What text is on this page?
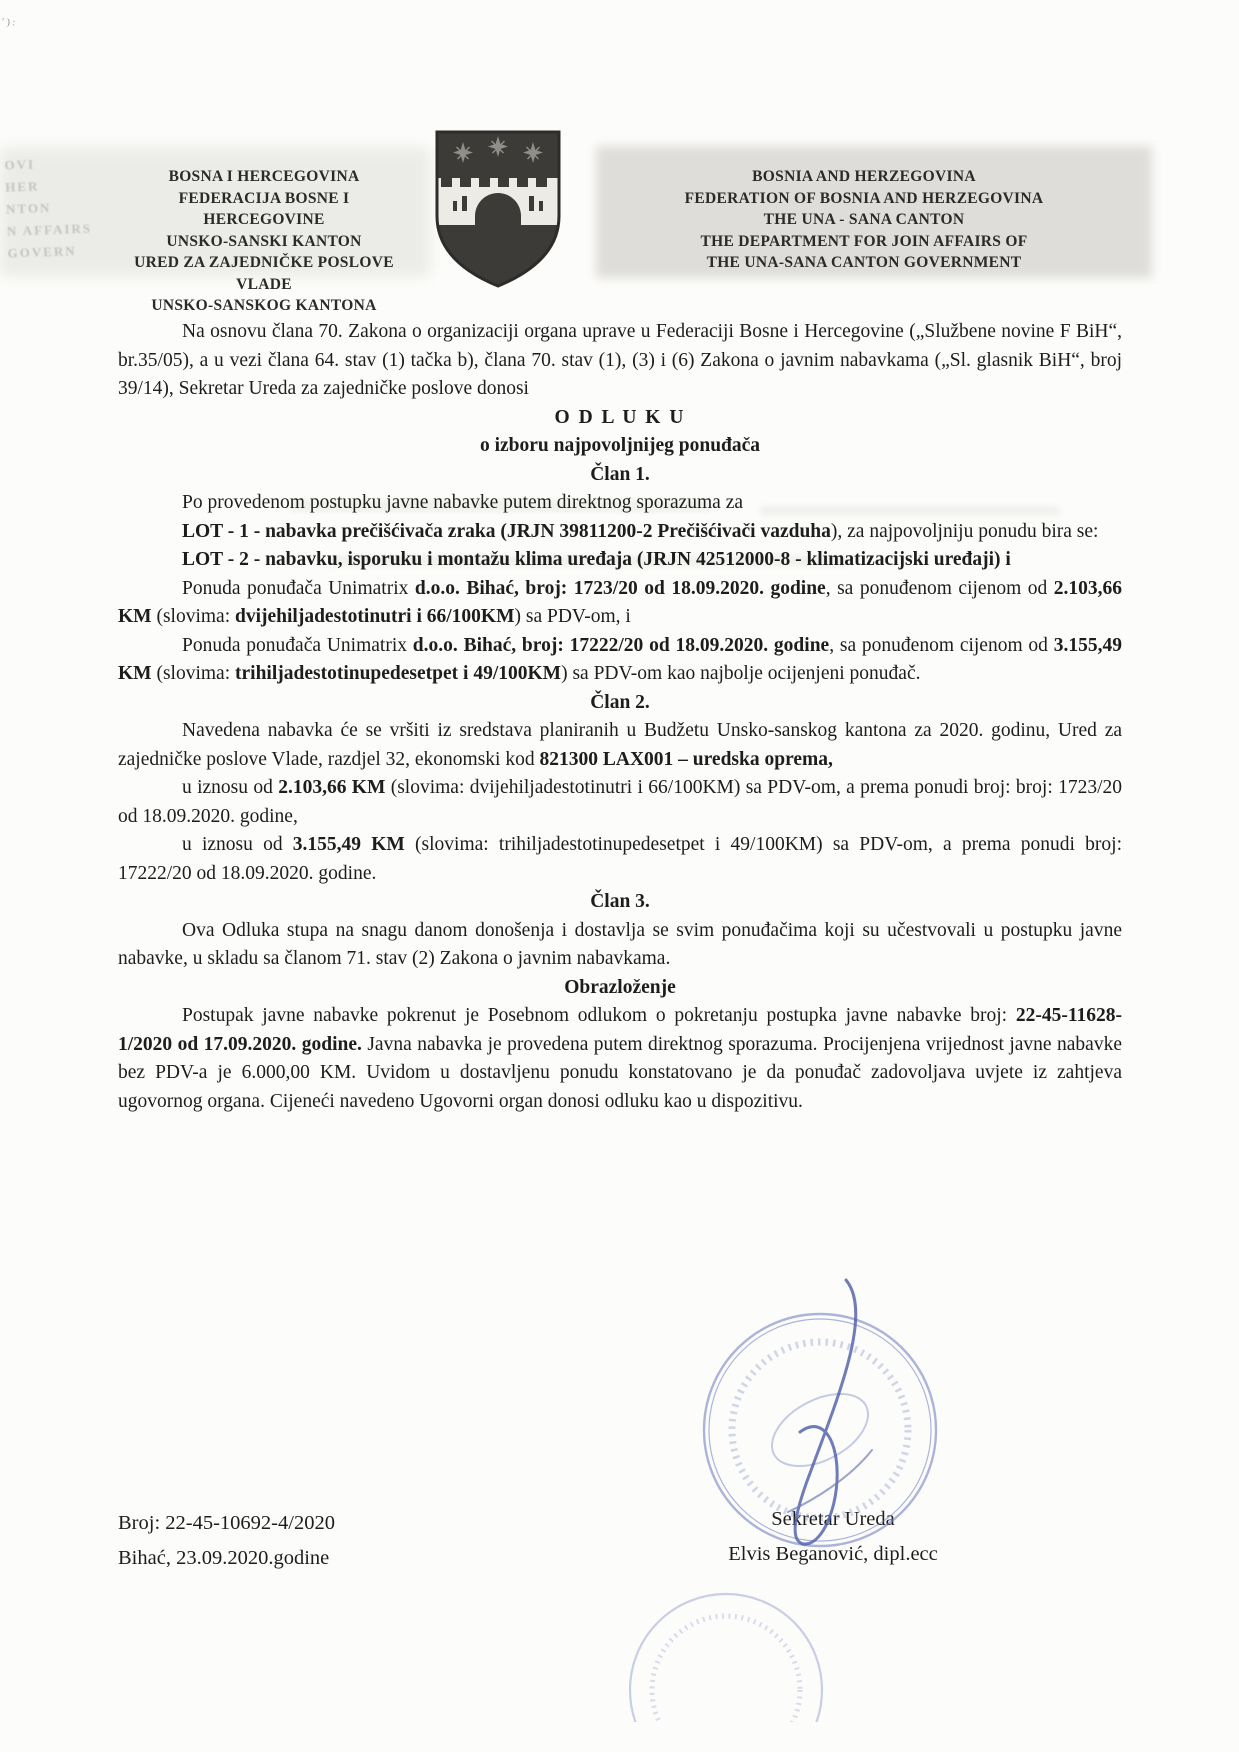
′ ) :
OVI
HER
NTON
N AFFAIRS
GOVERN
BOSNA I HERCEGOVINA
FEDERACIJA BOSNE I HERCEGOVINE
UNSKO-SANSKI KANTON
URED ZA ZAJEDNIČKE POSLOVE VLADE
UNSKO-SANSKOG KANTONA
BOSNIA AND HERZEGOVINA
FEDERATION OF BOSNIA AND HERZEGOVINA
THE UNA - SANA CANTON
THE DEPARTMENT FOR JOIN AFFAIRS OF
THE UNA-SANA CANTON GOVERNMENT

Na osnovu člana 70. Zakona o organizaciji organa uprave u Federaciji Bosne i Hercegovine („Službene novine F BiH“, br.35/05), a u vezi člana 64. stav (1) tačka b), člana 70. stav (1), (3) i (6) Zakona o javnim nabavkama („Sl. glasnik BiH“, broj 39/14), Sekretar Ureda za zajedničke poslove donosi

O D L U K U

o izboru najpovoljnijeg ponuđača

Član 1.

Po provedenom postupku javne nabavke putem direktnog sporazuma za

LOT - 1 - nabavka prečišćivača zraka (JRJN 39811200-2 Prečišćivači vazduha), za najpovoljniju ponudu bira se:

LOT - 2 - nabavku, isporuku i montažu klima uređaja (JRJN 42512000-8 - klimatizacijski uređaji) i

Ponuda ponuđača Unimatrix d.o.o. Bihać, broj: 1723/20 od 18.09.2020. godine, sa ponuđenom cijenom od 2.103,66 KM (slovima: dvijehiljadestotinutri i 66/100KM) sa PDV-om, i

Ponuda ponuđača Unimatrix d.o.o. Bihać, broj: 17222/20 od 18.09.2020. godine, sa ponuđenom cijenom od 3.155,49 KM (slovima: trihiljadestotinupedesetpet i 49/100KM) sa PDV-om kao najbolje ocijenjeni ponuđač.

Član 2.

Navedena nabavka će se vršiti iz sredstava planiranih u Budžetu Unsko-sanskog kantona za 2020. godinu, Ured za zajedničke poslove Vlade, razdjel 32, ekonomski kod 821300 LAX001 – uredska oprema,

u iznosu od 2.103,66 KM (slovima: dvijehiljadestotinutri i 66/100KM) sa PDV-om, a prema ponudi broj: broj: 1723/20 od 18.09.2020. godine,

u iznosu od 3.155,49 KM (slovima: trihiljadestotinupedesetpet i 49/100KM) sa PDV-om, a prema ponudi broj: 17222/20 od 18.09.2020. godine.

Član 3.

Ova Odluka stupa na snagu danom donošenja i dostavlja se svim ponuđačima koji su učestvovali u postupku javne nabavke, u skladu sa članom 71. stav (2) Zakona o javnim nabavkama.

Obrazloženje

Postupak javne nabavke pokrenut je Posebnom odlukom o pokretanju postupka javne nabavke broj: 22-45-11628-1/2020 od 17.09.2020. godine. Javna nabavka je provedena putem direktnog sporazuma. Procijenjena vrijednost javne nabavke bez PDV-a je 6.000,00 KM. Uvidom u dostavljenu ponudu konstatovano je da ponuđač zadovoljava uvjete iz zahtjeva ugovornog organa. Cijeneći navedeno Ugovorni organ donosi odluku kao u dispozitivu.

Broj: 22-45-10692-4/2020
Bihać, 23.09.2020.godine
Sekretar Ureda
Elvis Beganović, dipl.ecc
